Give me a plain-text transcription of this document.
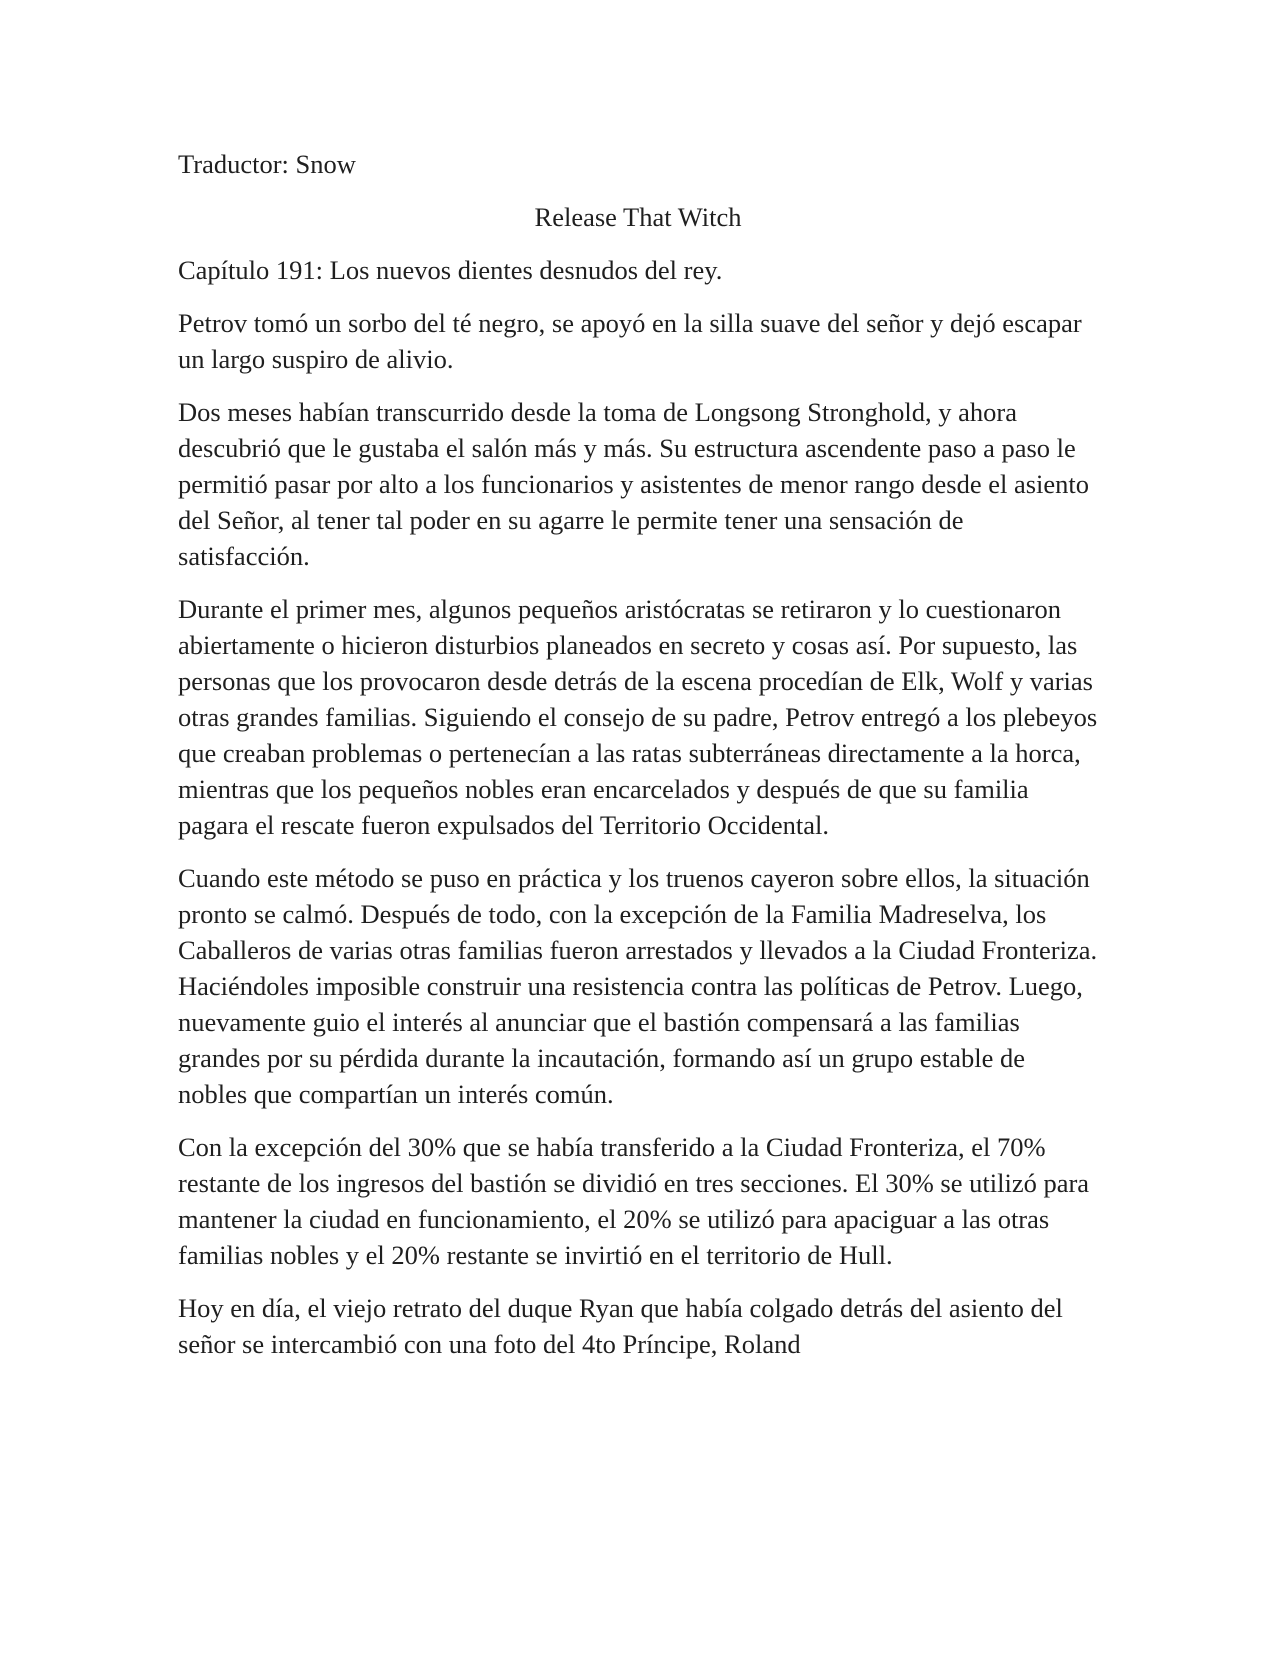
Traductor: Snow

Release That Witch

Capítulo 191: Los nuevos dientes desnudos del rey.

Petrov tomó un sorbo del té negro, se apoyó en la silla suave del señor y dejó escapar un largo suspiro de alivio.

Dos meses habían transcurrido desde la toma de Longsong Stronghold, y ahora descubrió que le gustaba el salón más y más. Su estructura ascendente paso a paso le permitió pasar por alto a los funcionarios y asistentes de menor rango desde el asiento del Señor, al tener tal poder en su agarre le permite tener una sensación de satisfacción.

Durante el primer mes, algunos pequeños aristócratas se retiraron y lo cuestionaron abiertamente o hicieron disturbios planeados en secreto y cosas así. Por supuesto, las personas que los provocaron desde detrás de la escena procedían de Elk, Wolf y varias otras grandes familias. Siguiendo el consejo de su padre, Petrov entregó a los plebeyos que creaban problemas o pertenecían a las ratas subterráneas directamente a la horca, mientras que los pequeños nobles eran encarcelados y después de que su familia pagara el rescate fueron expulsados del Territorio Occidental.

Cuando este método se puso en práctica y los truenos cayeron sobre ellos, la situación pronto se calmó. Después de todo, con la excepción de la Familia Madreselva, los Caballeros de varias otras familias fueron arrestados y llevados a la Ciudad Fronteriza. Haciéndoles imposible construir una resistencia contra las políticas de Petrov. Luego, nuevamente guio el interés al anunciar que el bastión compensará a las familias grandes por su pérdida durante la incautación, formando así un grupo estable de nobles que compartían un interés común.

Con la excepción del 30% que se había transferido a la Ciudad Fronteriza, el 70% restante de los ingresos del bastión se dividió en tres secciones. El 30% se utilizó para mantener la ciudad en funcionamiento, el 20% se utilizó para apaciguar a las otras familias nobles y el 20% restante se invirtió en el territorio de Hull.

Hoy en día, el viejo retrato del duque Ryan que había colgado detrás del asiento del señor se intercambió con una foto del 4to Príncipe, Roland
